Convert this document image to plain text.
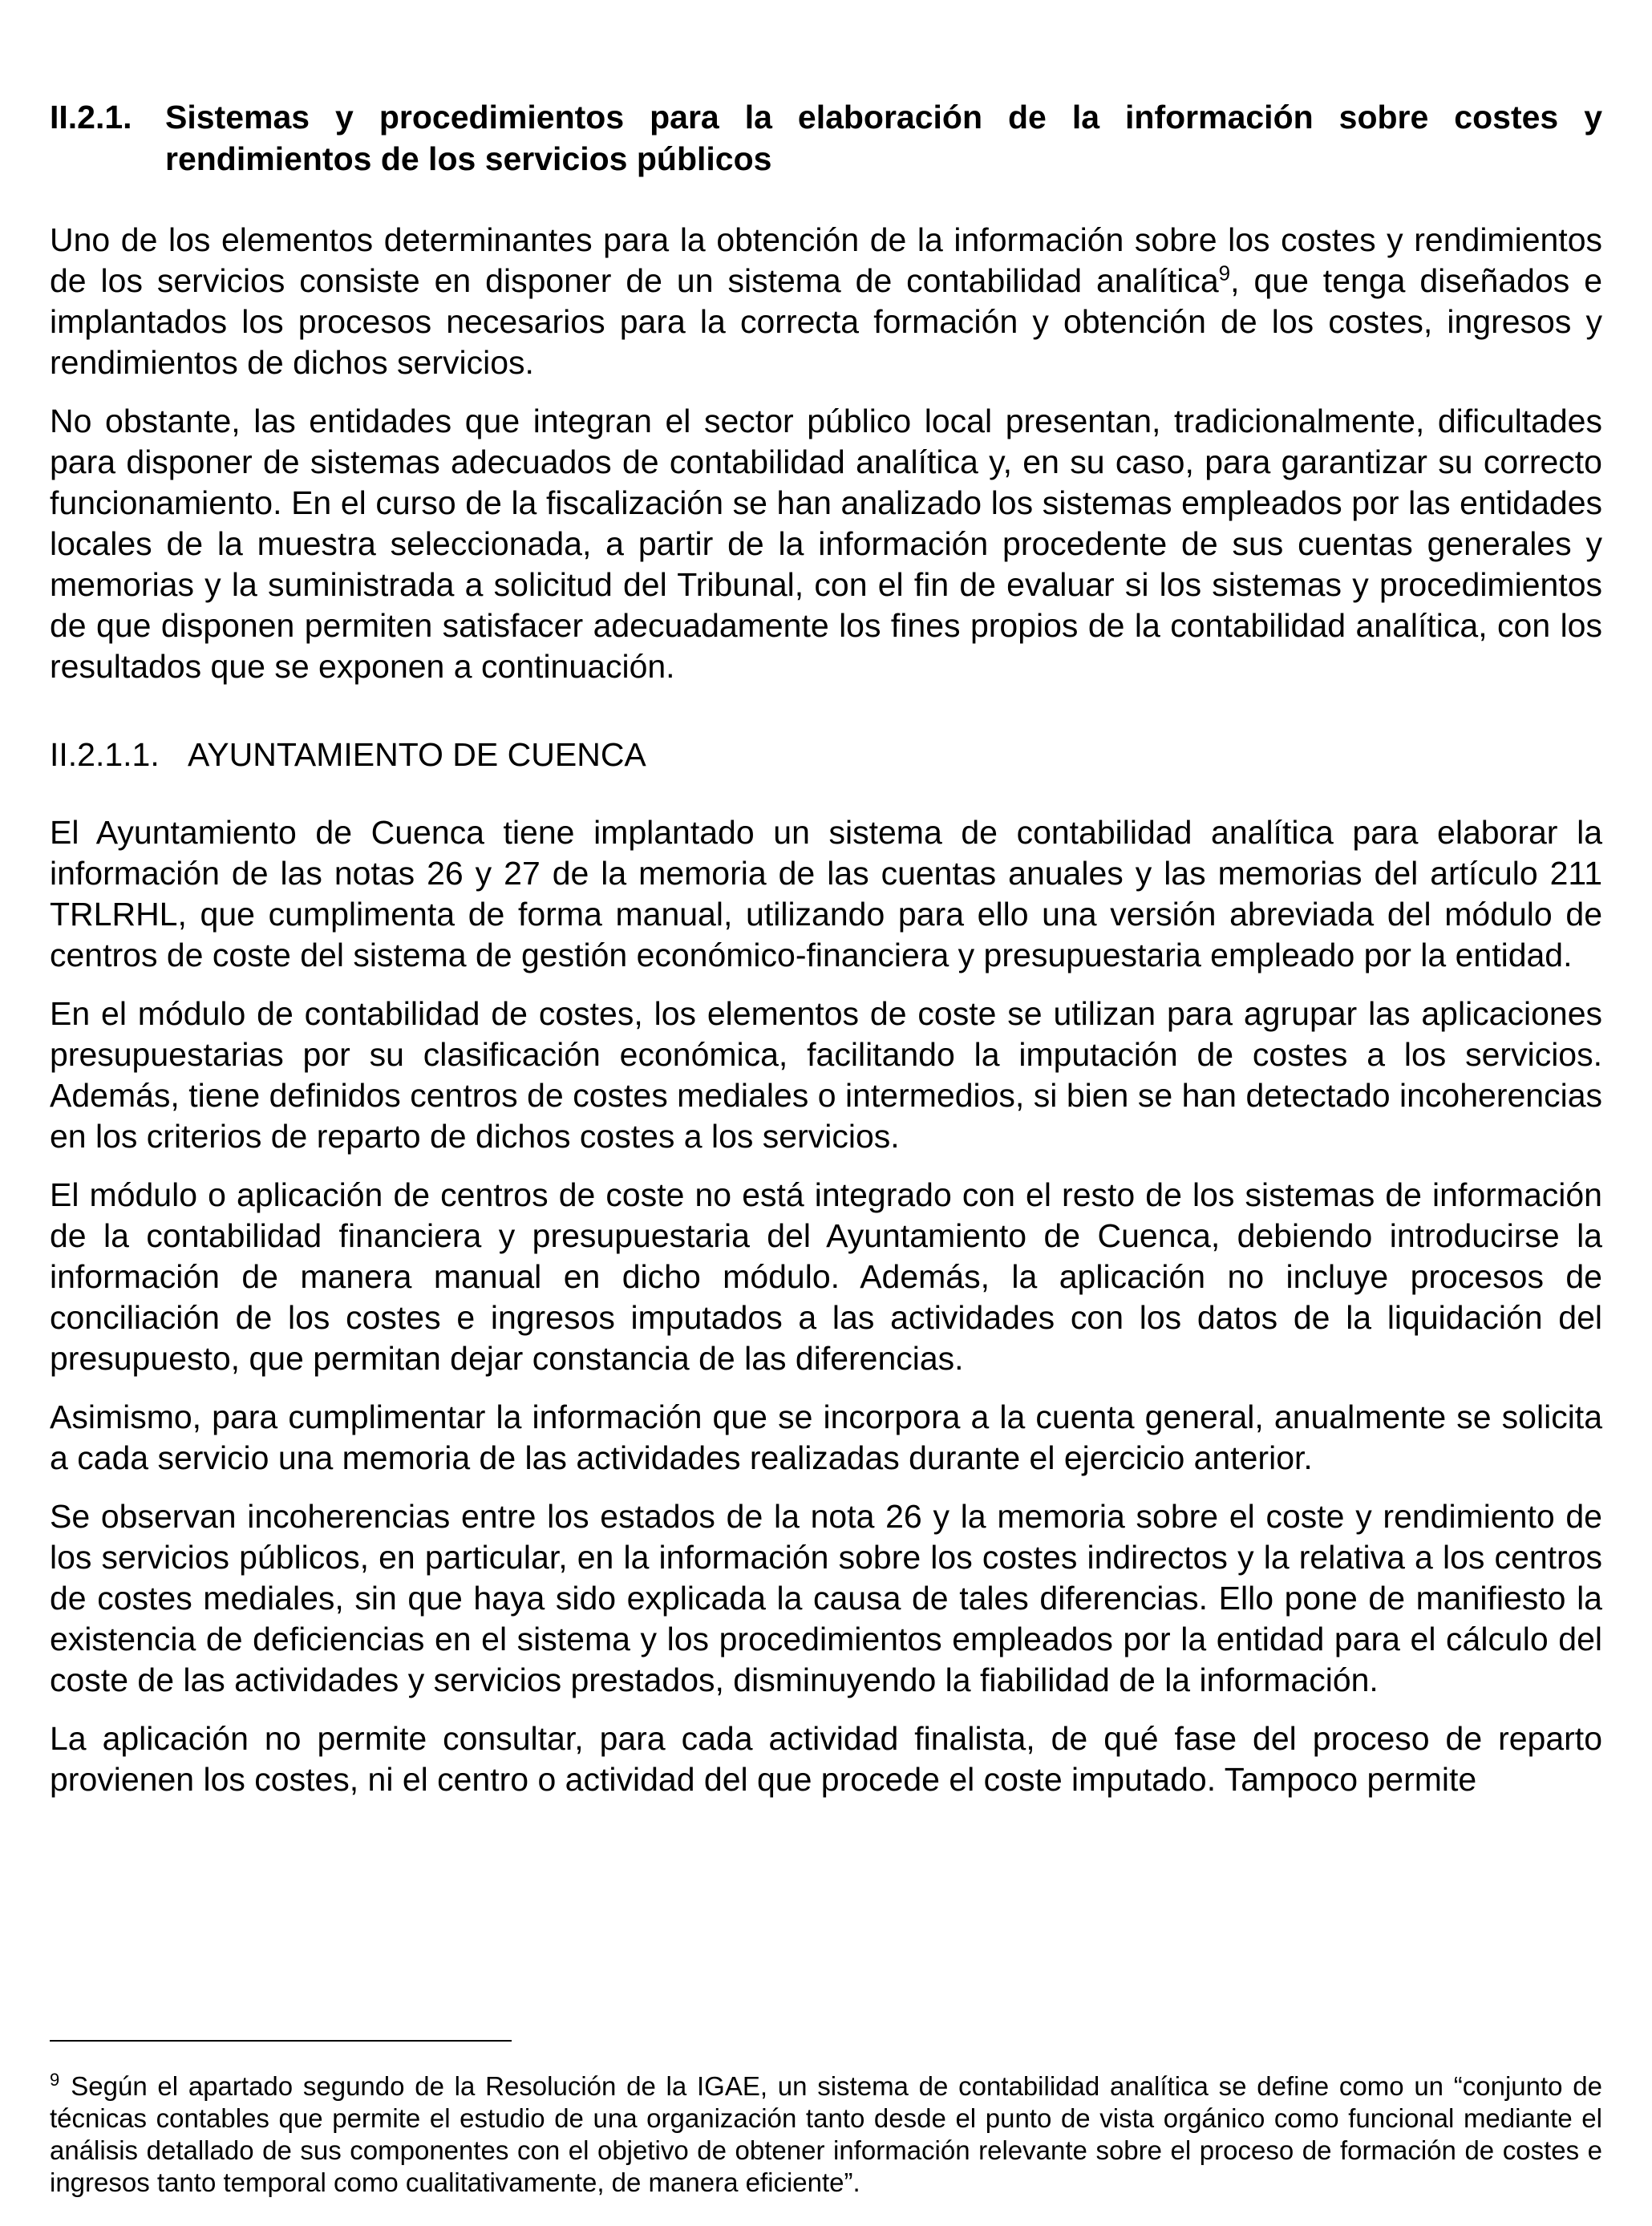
II.2.1.	Sistemas y procedimientos para la elaboración de la información sobre costes y rendimientos de los servicios públicos

Uno de los elementos determinantes para la obtención de la información sobre los costes y rendimientos de los servicios consiste en disponer de un sistema de contabilidad analítica$^9$, que tenga diseñados e implantados los procesos necesarios para la correcta formación y obtención de los costes, ingresos y rendimientos de dichos servicios.

No obstante, las entidades que integran el sector público local presentan, tradicionalmente, dificultades para disponer de sistemas adecuados de contabilidad analítica y, en su caso, para garantizar su correcto funcionamiento. En el curso de la fiscalización se han analizado los sistemas empleados por las entidades locales de la muestra seleccionada, a partir de la información procedente de sus cuentas generales y memorias y la suministrada a solicitud del Tribunal, con el fin de evaluar si los sistemas y procedimientos de que disponen permiten satisfacer adecuadamente los fines propios de la contabilidad analítica, con los resultados que se exponen a continuación.

II.2.1.1. AYUNTAMIENTO DE CUENCA

El Ayuntamiento de Cuenca tiene implantado un sistema de contabilidad analítica para elaborar la información de las notas 26 y 27 de la memoria de las cuentas anuales y las memorias del artículo 211 TRLRHL, que cumplimenta de forma manual, utilizando para ello una versión abreviada del módulo de centros de coste del sistema de gestión económico-financiera y presupuestaria empleado por la entidad.

En el módulo de contabilidad de costes, los elementos de coste se utilizan para agrupar las aplicaciones presupuestarias por su clasificación económica, facilitando la imputación de costes a los servicios. Además, tiene definidos centros de costes mediales o intermedios, si bien se han detectado incoherencias en los criterios de reparto de dichos costes a los servicios.

El módulo o aplicación de centros de coste no está integrado con el resto de los sistemas de información de la contabilidad financiera y presupuestaria del Ayuntamiento de Cuenca, debiendo introducirse la información de manera manual en dicho módulo. Además, la aplicación no incluye procesos de conciliación de los costes e ingresos imputados a las actividades con los datos de la liquidación del presupuesto, que permitan dejar constancia de las diferencias.

Asimismo, para cumplimentar la información que se incorpora a la cuenta general, anualmente se solicita a cada servicio una memoria de las actividades realizadas durante el ejercicio anterior.

Se observan incoherencias entre los estados de la nota 26 y la memoria sobre el coste y rendimiento de los servicios públicos, en particular, en la información sobre los costes indirectos y la relativa a los centros de costes mediales, sin que haya sido explicada la causa de tales diferencias. Ello pone de manifiesto la existencia de deficiencias en el sistema y los procedimientos empleados por la entidad para el cálculo del coste de las actividades y servicios prestados, disminuyendo la fiabilidad de la información.

La aplicación no permite consultar, para cada actividad finalista, de qué fase del proceso de reparto provienen los costes, ni el centro o actividad del que procede el coste imputado. Tampoco permite

$^9$ Según el apartado segundo de la Resolución de la IGAE, un sistema de contabilidad analítica se define como un “conjunto de técnicas contables que permite el estudio de una organización tanto desde el punto de vista orgánico como funcional mediante el análisis detallado de sus componentes con el objetivo de obtener información relevante sobre el proceso de formación de costes e ingresos tanto temporal como cualitativamente, de manera eficiente”.
